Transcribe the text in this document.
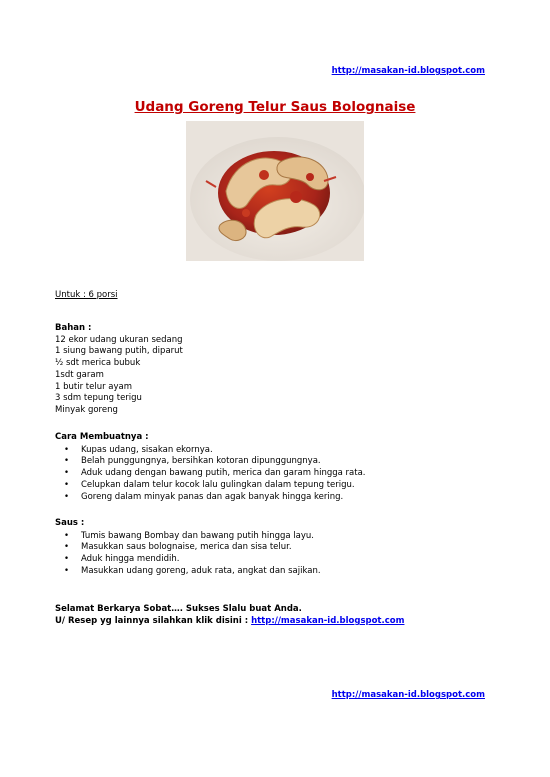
http://masakan-id.blogspot.com
Udang Goreng Telur Saus Bolognaise
Untuk : 6 porsi
Bahan :
12 ekor udang ukuran sedang
1 siung bawang putih, diparut
½ sdt merica bubuk
1sdt garam
1 butir telur ayam
3 sdm tepung terigu
Minyak goreng
Cara Membuatnya :
• Kupas udang, sisakan ekornya.
• Belah punggungnya, bersihkan kotoran dipunggungnya.
• Aduk udang dengan bawang putih, merica dan garam hingga rata.
• Celupkan dalam telur kocok lalu gulingkan dalam tepung terigu.
• Goreng dalam minyak panas dan agak banyak hingga kering.
Saus :
• Tumis bawang Bombay dan bawang putih hingga layu.
• Masukkan saus bolognaise, merica dan sisa telur.
• Aduk hingga mendidih.
• Masukkan udang goreng, aduk rata, angkat dan sajikan.
Selamat Berkarya Sobat…. Sukses Slalu buat Anda.
U/ Resep yg lainnya silahkan klik disini : http://masakan-id.blogspot.com
http://masakan-id.blogspot.com
